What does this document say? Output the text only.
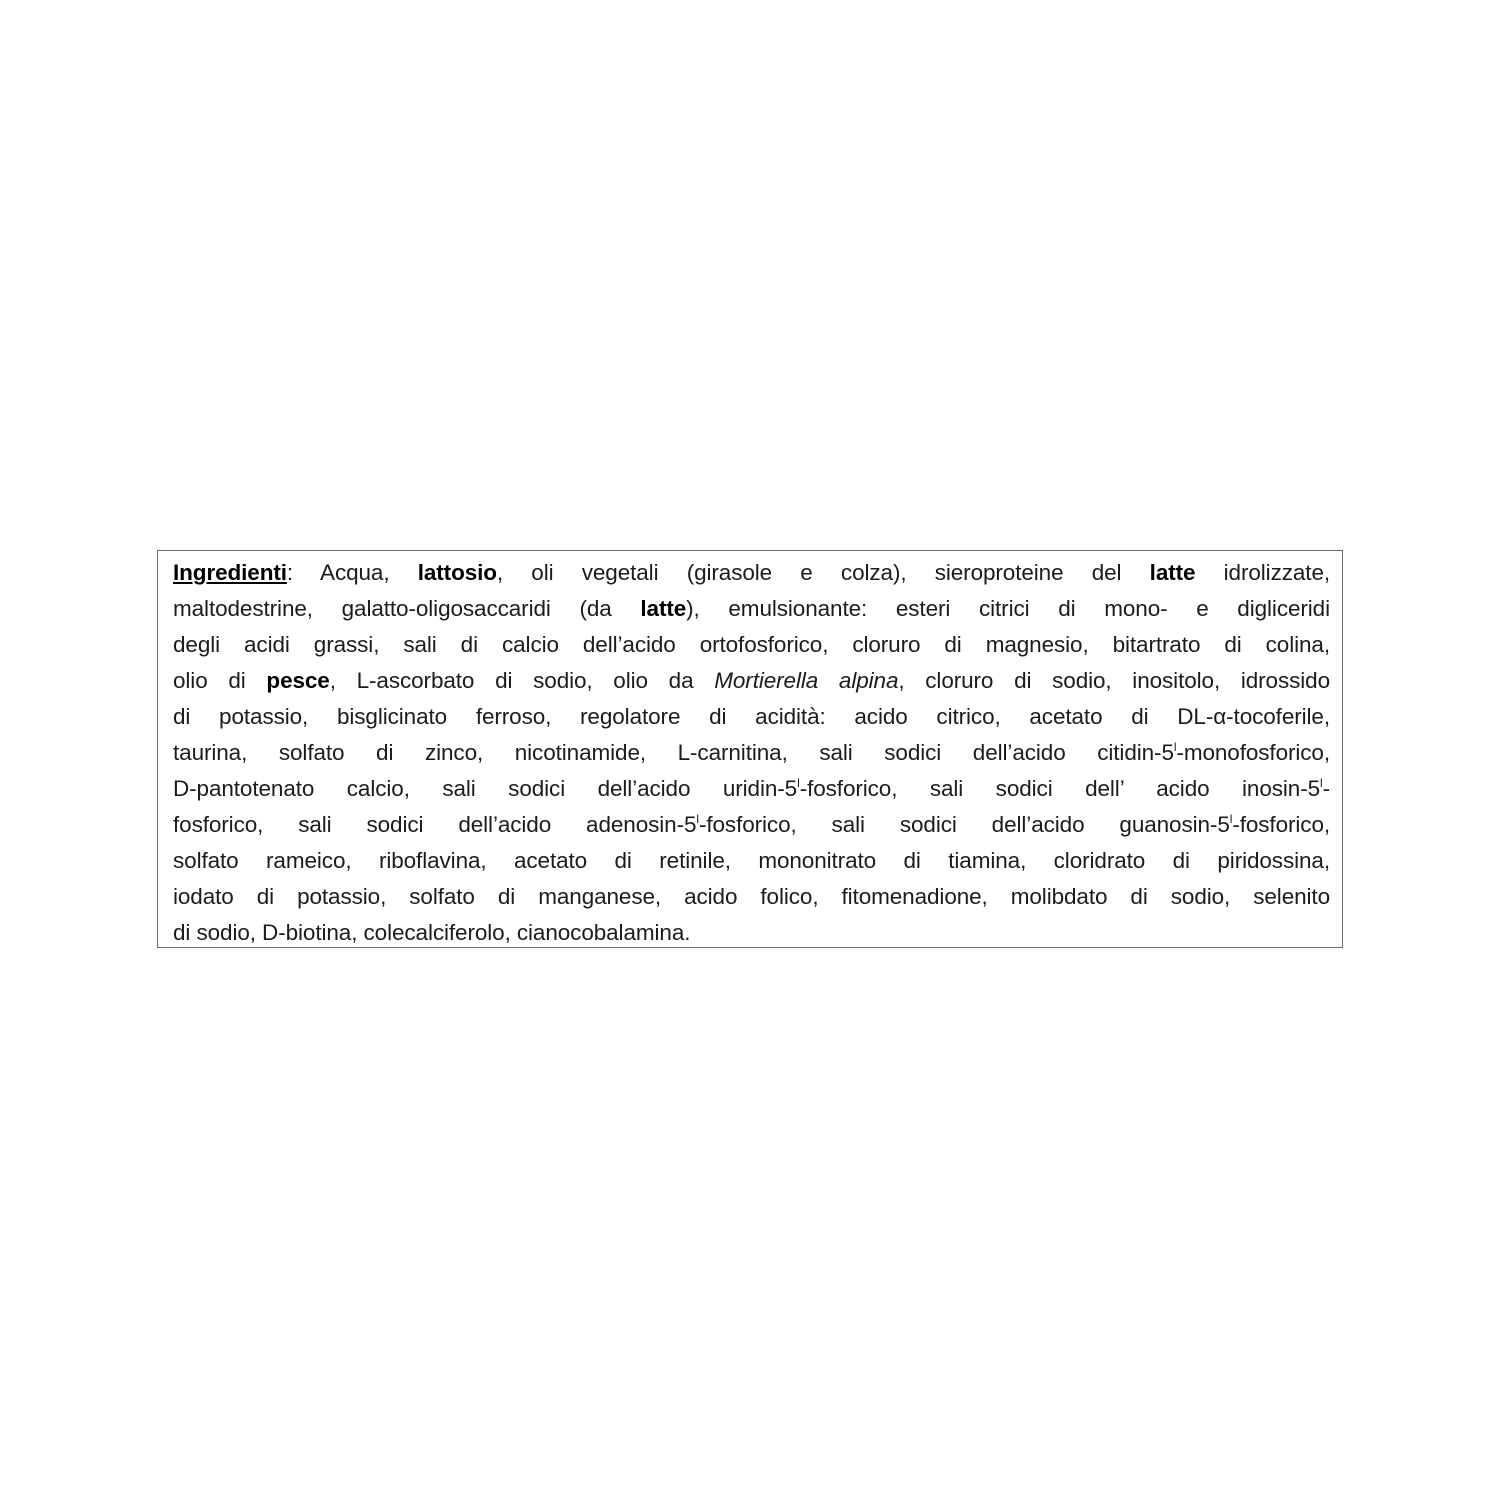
Ingredienti: Acqua, lattosio, oli vegetali (girasole e colza), sieroproteine del latte idrolizzate,
maltodestrine, galatto-oligosaccaridi (da latte), emulsionante: esteri citrici di mono- e digliceridi
degli acidi grassi, sali di calcio dell’acido ortofosforico, cloruro di magnesio, bitartrato di colina,
olio di pesce, L-ascorbato di sodio, olio da Mortierella alpina, cloruro di sodio, inositolo, idrossido
di potassio, bisglicinato ferroso, regolatore di acidità: acido citrico, acetato di DL-α-tocoferile,
taurina, solfato di zinco, nicotinamide, L-carnitina, sali sodici dell’acido citidin-5$^l$-monofosforico,
D-pantotenato calcio, sali sodici dell’acido uridin-5$^l$-fosforico, sali sodici dell’ acido inosin-5$^l$-
fosforico, sali sodici dell’acido adenosin-5$^l$-fosforico, sali sodici dell’acido guanosin-5$^l$-fosforico,
solfato rameico, riboflavina, acetato di retinile, mononitrato di tiamina, cloridrato di piridossina,
iodato di potassio, solfato di manganese, acido folico, fitomenadione, molibdato di sodio, selenito
di sodio, D-biotina, colecalciferolo, cianocobalamina.
